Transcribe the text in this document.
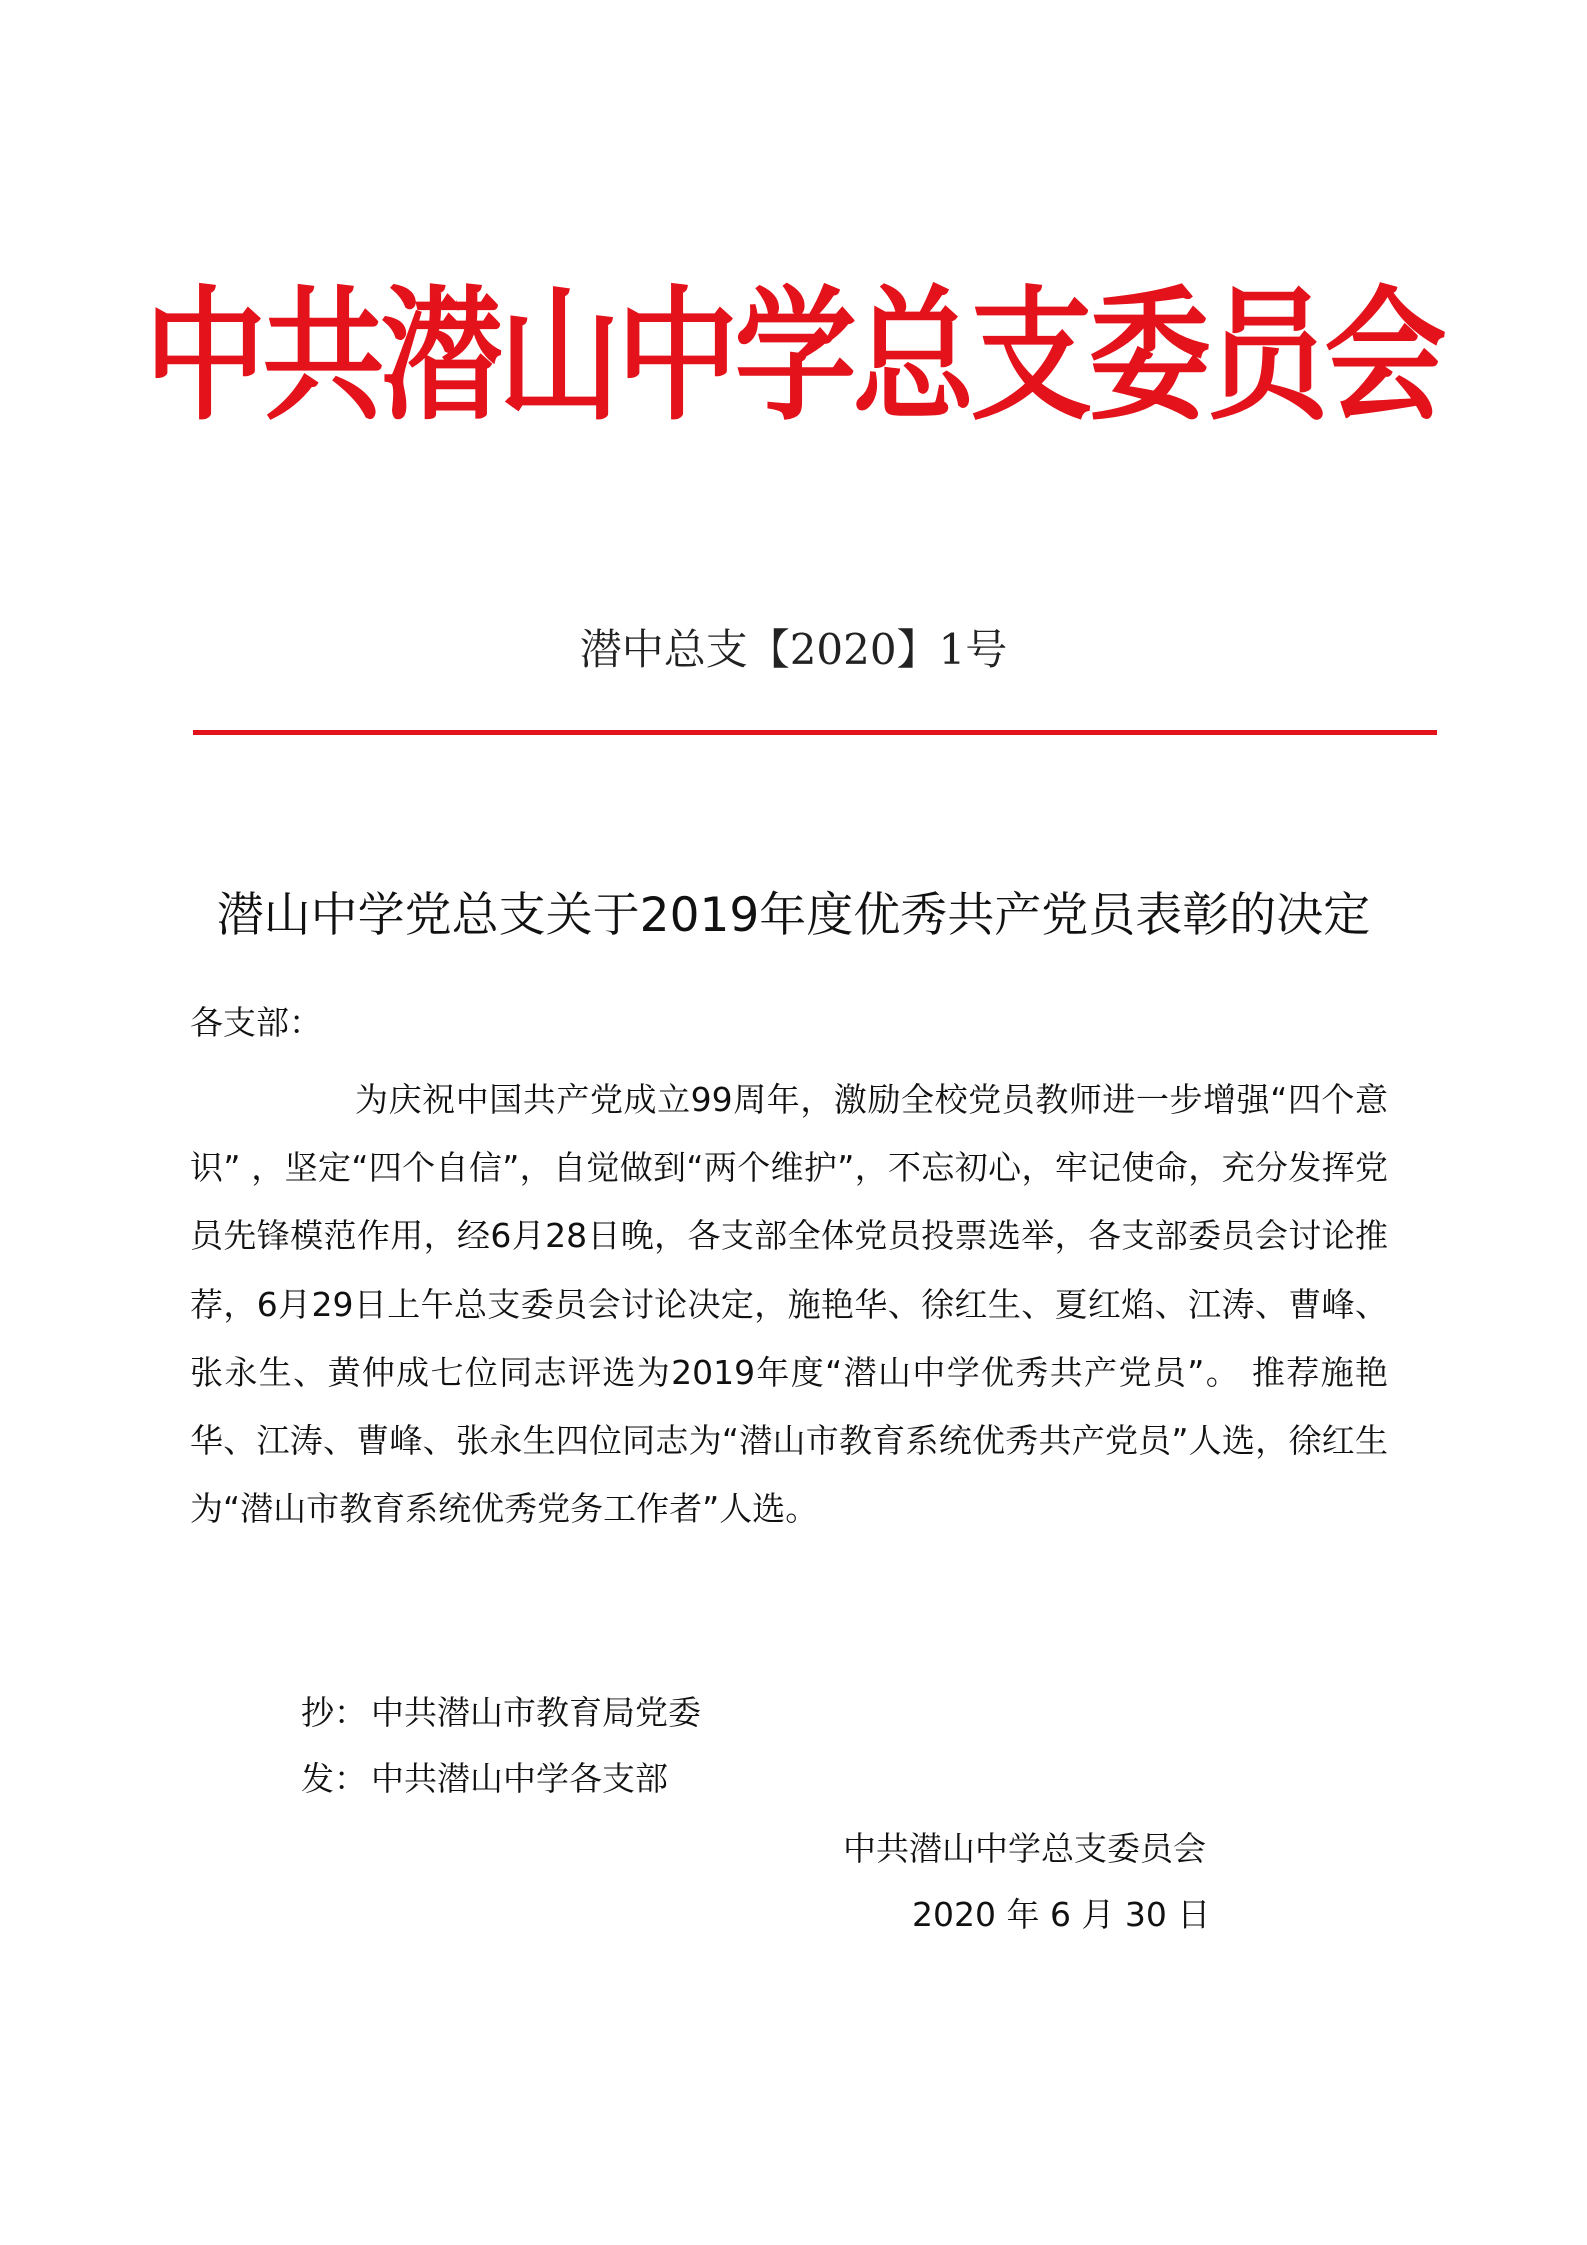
中共潜山中学总支委员会
潜中总支【2020】1号
潜山中学党总支关于2019年度优秀共产党员表彰的决定
各支部：

为庆祝中国共产党成立99周年，激励全校党员教师进一步增强“四个意识” ，坚定“四个自信”，自觉做到“两个维护”，不忘初心，牢记使命，充分发挥党员先锋模范作用，经6月28日晚，各支部全体党员投票选举，各支部委员会讨论推荐，6月29日上午总支委员会讨论决定，施艳华、徐红生、夏红焰、江涛、曹峰、张永生、黄仲成七位同志评选为2019年度“潜山中学优秀共产党员”。 推荐施艳华、江涛、曹峰、张永生四位同志为“潜山市教育系统优秀共产党员”人选，徐红生为“潜山市教育系统优秀党务工作者”人选。

抄： 中共潜山市教育局党委
发： 中共潜山中学各支部
中共潜山中学总支委员会
2020 年 6 月 30 日
